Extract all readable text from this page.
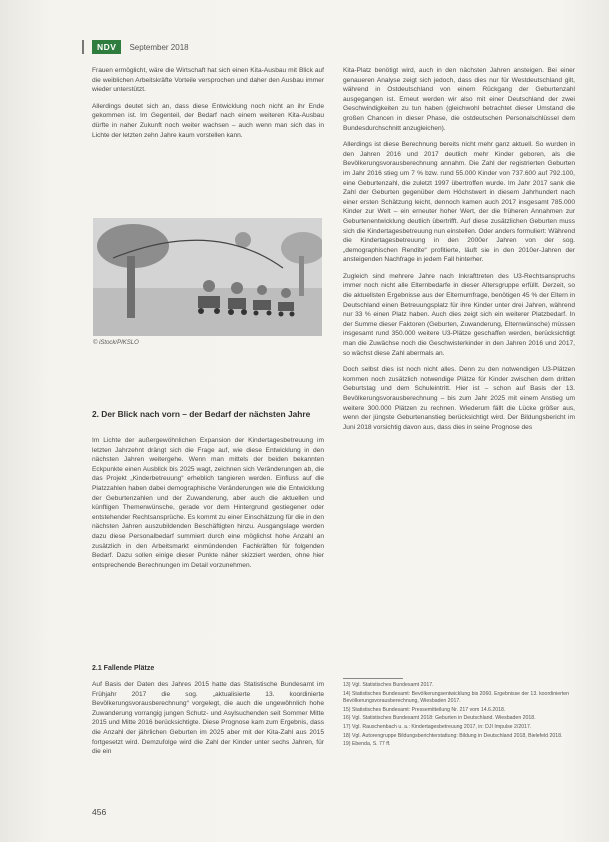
NDV	September 2018

Frauen ermöglicht, wäre die Wirtschaft hat sich einen Kita-Ausbau mit Blick auf die weiblichen Arbeitskräfte Vorteile versprochen und daher den Ausbau immer wieder unterstützt.

Allerdings deutet sich an, dass diese Entwicklung noch nicht an ihr Ende gekommen ist. Im Gegenteil, der Bedarf nach einem weiteren Kita-Ausbau dürfte in naher Zukunft noch weiter wachsen – auch wenn man sich das in Lichte der letzten zehn Jahre kaum vorstellen kann.

© iStock/PIKSLO
2. Der Blick nach vorn – der Bedarf der nächsten Jahre

Im Lichte der außergewöhnlichen Expansion der Kindertagesbetreuung im letzten Jahrzehnt drängt sich die Frage auf, wie diese Entwicklung in den nächsten Jahren weitergehe. Wenn man mittels der beiden bekannten Eckpunkte einen Ausblick bis 2025 wagt, zeichnen sich Veränderungen ab, die das Projekt „Kinderbetreuung“ erheblich tangieren werden. Einfluss auf die Platzzahlen haben dabei demographische Veränderungen wie die Entwicklung der Geburtenzahlen und der Zuwanderung, aber auch die aktuellen und künftigen Themenwünsche, gerade vor dem Hintergrund gestiegener oder entstehender Rechtsansprüche. Es kommt zu einer Einschätzung für die in den nächsten Jahren auszubildenden Beschäftigten hinzu. Ausgangslage werden dazu diese Personalbedarf summiert durch eine möglichst hohe Anzahl an zusätzlich in den Arbeitsmarkt einmündenden Fachkräften für folgenden Bedarf. Dazu sollen einige dieser Punkte näher skizziert werden, ohne hier entsprechende Berechnungen im Detail vorzunehmen.

2.1 Fallende Plätze

Auf Basis der Daten des Jahres 2015 hatte das Statistische Bundesamt im Frühjahr 2017 die sog. „aktualisierte 13. koordinierte Bevölkerungsvorausberechnung“ vorgelegt, die auch die ungewöhnlich hohe Zuwanderung vorrangig jungen Schutz- und Asylsuchenden seit Sommer Mitte 2015 und Mitte 2016 berücksichtigte. Diese Prognose kam zum Ergebnis, dass die Anzahl der jährlichen Geburten im 2025 aber mit der Kita-Zahl aus 2015 fortgesetzt wird. Demzufolge wird die Zahl der Kinder unter sechs Jahren, für die ein

Kita-Platz benötigt wird, auch in den nächsten Jahren ansteigen. Bei einer genaueren Analyse zeigt sich jedoch, dass dies nur für Westdeutschland gilt, während in Ostdeutschland von einem Rückgang der Geburtenzahl ausgegangen ist. Erneut werden wir also mit einer Deutschland der zwei Geschwindigkeiten zu tun haben (gleichwohl betrachtet dieser Umstand die großen Chancen in dieser Phase, die ostdeutschen Personalschlüssel dem Bundesdurchschnitt anzugleichen).

Allerdings ist diese Berechnung bereits nicht mehr ganz aktuell. So wurden in den Jahren 2016 und 2017 deutlich mehr Kinder geboren, als die Bevölkerungsvorausberechnung annahm. Die Zahl der registrierten Geburten im Jahr 2016 stieg um 7 % bzw. rund 55.000 Kinder von 737.600 auf 792.100, eine Geburtenzahl, die zuletzt 1997 übertroffen wurde. Im Jahr 2017 sank die Zahl der Geburten gegenüber dem Höchstwert in diesem Jahrhundert nach einer ersten Schätzung leicht, dennoch kamen auch 2017 insgesamt 785.000 Kinder zur Welt – ein erneuter hoher Wert, der die früheren Annahmen zur Geburtenentwicklung deutlich übertrifft. Auf diese zusätzlichen Geburten muss sich die Kindertagesbetreuung nun einstellen. Oder anders formuliert: Während die Kindertagesbetreuung in den 2000er Jahren von der sog. „demographischen Rendite“ profitierte, läuft sie in den 2010er-Jahren der ansteigenden Nachfrage in jedem Fall hinterher.

Zugleich sind mehrere Jahre nach Inkrafttreten des U3-Rechtsanspruchs immer noch nicht alle Elternbedarfe in dieser Altersgruppe erfüllt. Derzeit, so die aktuellsten Ergebnisse aus der Elternumfrage, benötigen 45 % der Eltern in Deutschland einen Betreuungsplatz für ihre Kinder unter drei Jahren, während nur 33 % einen Platz haben. Auch dies zeigt sich ein weiterer Platzbedarf. In der Summe dieser Faktoren (Geburten, Zuwanderung, Elternwünsche) müssen insgesamt rund 350.000 weitere U3-Plätze geschaffen werden, berücksichtigt man die Zuwächse noch die Geschwisterkinder in den Jahren 2016 und 2017, so wächst diese Zahl abermals an.

Doch selbst dies ist noch nicht alles. Denn zu den notwendigen U3-Plätzen kommen noch zusätzlich notwendige Plätze für Kinder zwischen dem dritten Geburtstag und dem Schuleintritt. Hier ist – schon auf Basis der 13. Bevölkerungsvorausberechnung – bis zum Jahr 2025 mit einem Anstieg um weitere 300.000 Plätzen zu rechnen. Wiederum fällt die Lücke größer aus, wenn der jüngste Geburtenanstieg berücksichtigt wird. Der Bildungsbericht im Juni 2018 vorsichtig davon aus, dass dies in seine Prognose des

13) Vgl. Statistisches Bundesamt 2017.
14) Statistisches Bundesamt: Bevölkerungsentwicklung bis 2060. Ergebnisse der 13. koordinierten Bevölkerungsvorausberechnung, Wiesbaden 2017.
15) Statistisches Bundesamt: Pressemitteilung Nr. 217 vom 14.6.2018.
16) Vgl. Statistisches Bundesamt 2018: Geburten in Deutschland. Wiesbaden 2018.
17) Vgl. Rauschenbach u. a.: Kindertagesbetreuung 2017, in: DJI Impulse 2/2017.
18) Vgl. Autorengruppe Bildungsberichterstattung: Bildung in Deutschland 2018, Bielefeld 2018.
19) Ebenda, S. 77 ff.
456
